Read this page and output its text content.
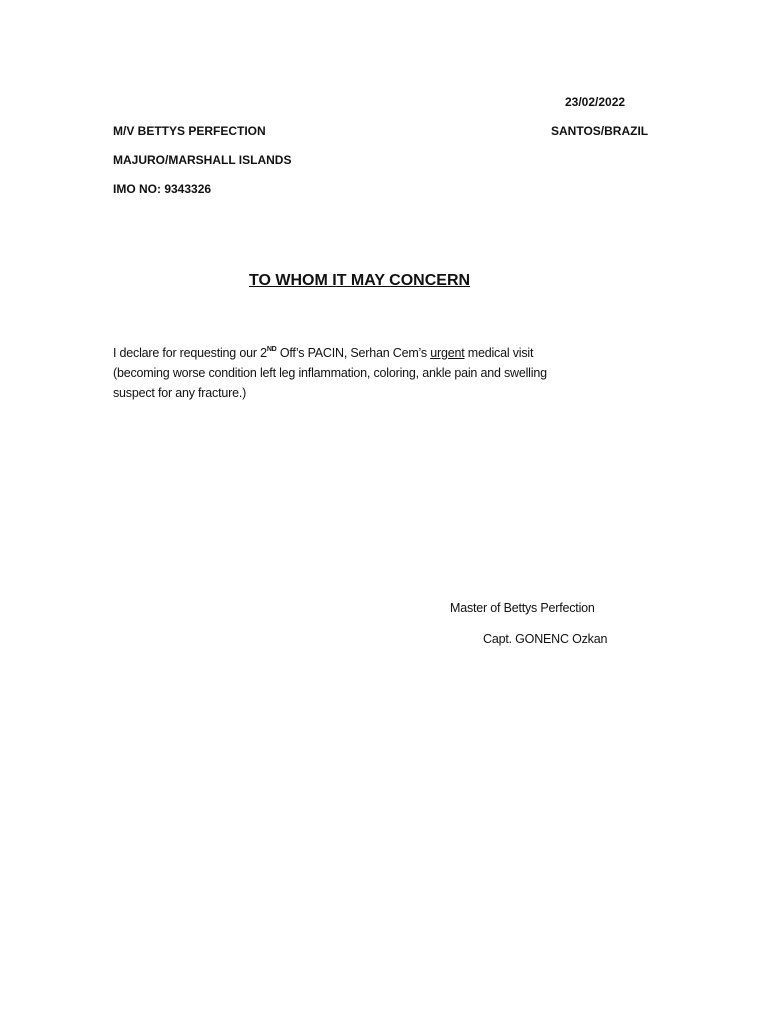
23/02/2022
SANTOS/BRAZIL
M/V BETTYS PERFECTION
MAJURO/MARSHALL ISLANDS
IMO NO: 9343326
TO WHOM IT MAY CONCERN
I declare for requesting our 2ND Off’s PACIN, Serhan Cem’s urgent medical visit
(becoming worse condition left leg inflammation, coloring, ankle pain and swelling
suspect for any fracture.)
Master of Bettys Perfection
Capt. GONENC Ozkan
